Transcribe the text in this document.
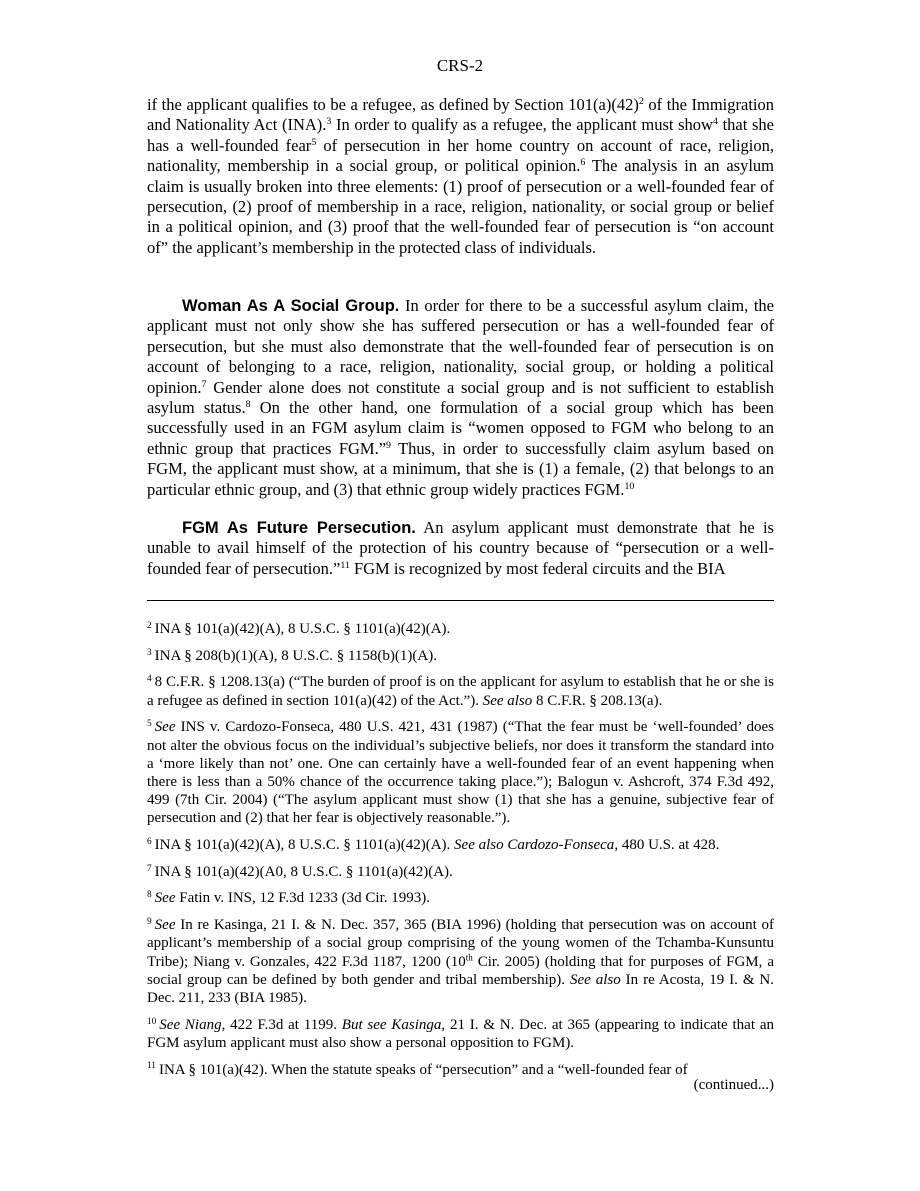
CRS-2
if the applicant qualifies to be a refugee, as defined by Section $101(a)(42)^2$ of the Immigration and Nationality Act (INA).$^3$ In order to qualify as a refugee, the applicant must show$^4$ that she has a well-founded fear$^5$ of persecution in her home country on account of race, religion, nationality, membership in a social group, or political opinion.$^6$ The analysis in an asylum claim is usually broken into three elements: (1) proof of persecution or a well-founded fear of persecution, (2) proof of membership in a race, religion, nationality, or social group or belief in a political opinion, and (3) proof that the well-founded fear of persecution is “on account of” the applicant’s membership in the protected class of individuals.
Woman As A Social Group. In order for there to be a successful asylum claim, the applicant must not only show she has suffered persecution or has a well-founded fear of persecution, but she must also demonstrate that the well-founded fear of persecution is on account of belonging to a race, religion, nationality, social group, or holding a political opinion.$^7$ Gender alone does not constitute a social group and is not sufficient to establish asylum status.$^8$ On the other hand, one formulation of a social group which has been successfully used in an FGM asylum claim is “women opposed to FGM who belong to an ethnic group that practices FGM.”$^9$ Thus, in order to successfully claim asylum based on FGM, the applicant must show, at a minimum, that she is (1) a female, (2) that belongs to an particular ethnic group, and (3) that ethnic group widely practices FGM.$^{10}$
FGM As Future Persecution. An asylum applicant must demonstrate that he is unable to avail himself of the protection of his country because of “persecution or a well-founded fear of persecution.”$^{11}$ FGM is recognized by most federal circuits and the BIA
$^2$ INA § 101(a)(42)(A), 8 U.S.C. § 1101(a)(42)(A).
$^3$ INA § 208(b)(1)(A), 8 U.S.C. § 1158(b)(1)(A).
$^4$ 8 C.F.R. § 1208.13(a) (“The burden of proof is on the applicant for asylum to establish that he or she is a refugee as defined in section 101(a)(42) of the Act.”). See also 8 C.F.R. § 208.13(a).
$^5$ See INS v. Cardozo-Fonseca, 480 U.S. 421, 431 (1987) (“That the fear must be ‘well-founded’ does not alter the obvious focus on the individual’s subjective beliefs, nor does it transform the standard into a ‘more likely than not’ one. One can certainly have a well-founded fear of an event happening when there is less than a 50% chance of the occurrence taking place.”); Balogun v. Ashcroft, 374 F.3d 492, 499 (7th Cir. 2004) (“The asylum applicant must show (1) that she has a genuine, subjective fear of persecution and (2) that her fear is objectively reasonable.”).
$^6$ INA § 101(a)(42)(A), 8 U.S.C. § 1101(a)(42)(A). See also Cardozo-Fonseca, 480 U.S. at 428.
$^7$ INA § 101(a)(42)(A0, 8 U.S.C. § 1101(a)(42)(A).
$^8$ See Fatin v. INS, 12 F.3d 1233 (3d Cir. 1993).
$^9$ See In re Kasinga, 21 I. & N. Dec. 357, 365 (BIA 1996) (holding that persecution was on account of applicant’s membership of a social group comprising of the young women of the Tchamba-Kunsuntu Tribe); Niang v. Gonzales, 422 F.3d 1187, 1200 (10th Cir. 2005) (holding that for purposes of FGM, a social group can be defined by both gender and tribal membership). See also In re Acosta, 19 I. & N. Dec. 211, 233 (BIA 1985).
$^{10}$ See Niang, 422 F.3d at 1199. But see Kasinga, 21 I. & N. Dec. at 365 (appearing to indicate that an FGM asylum applicant must also show a personal opposition to FGM).
$^{11}$ INA § 101(a)(42). When the statute speaks of “persecution” and a “well-founded fear of
(continued...)
